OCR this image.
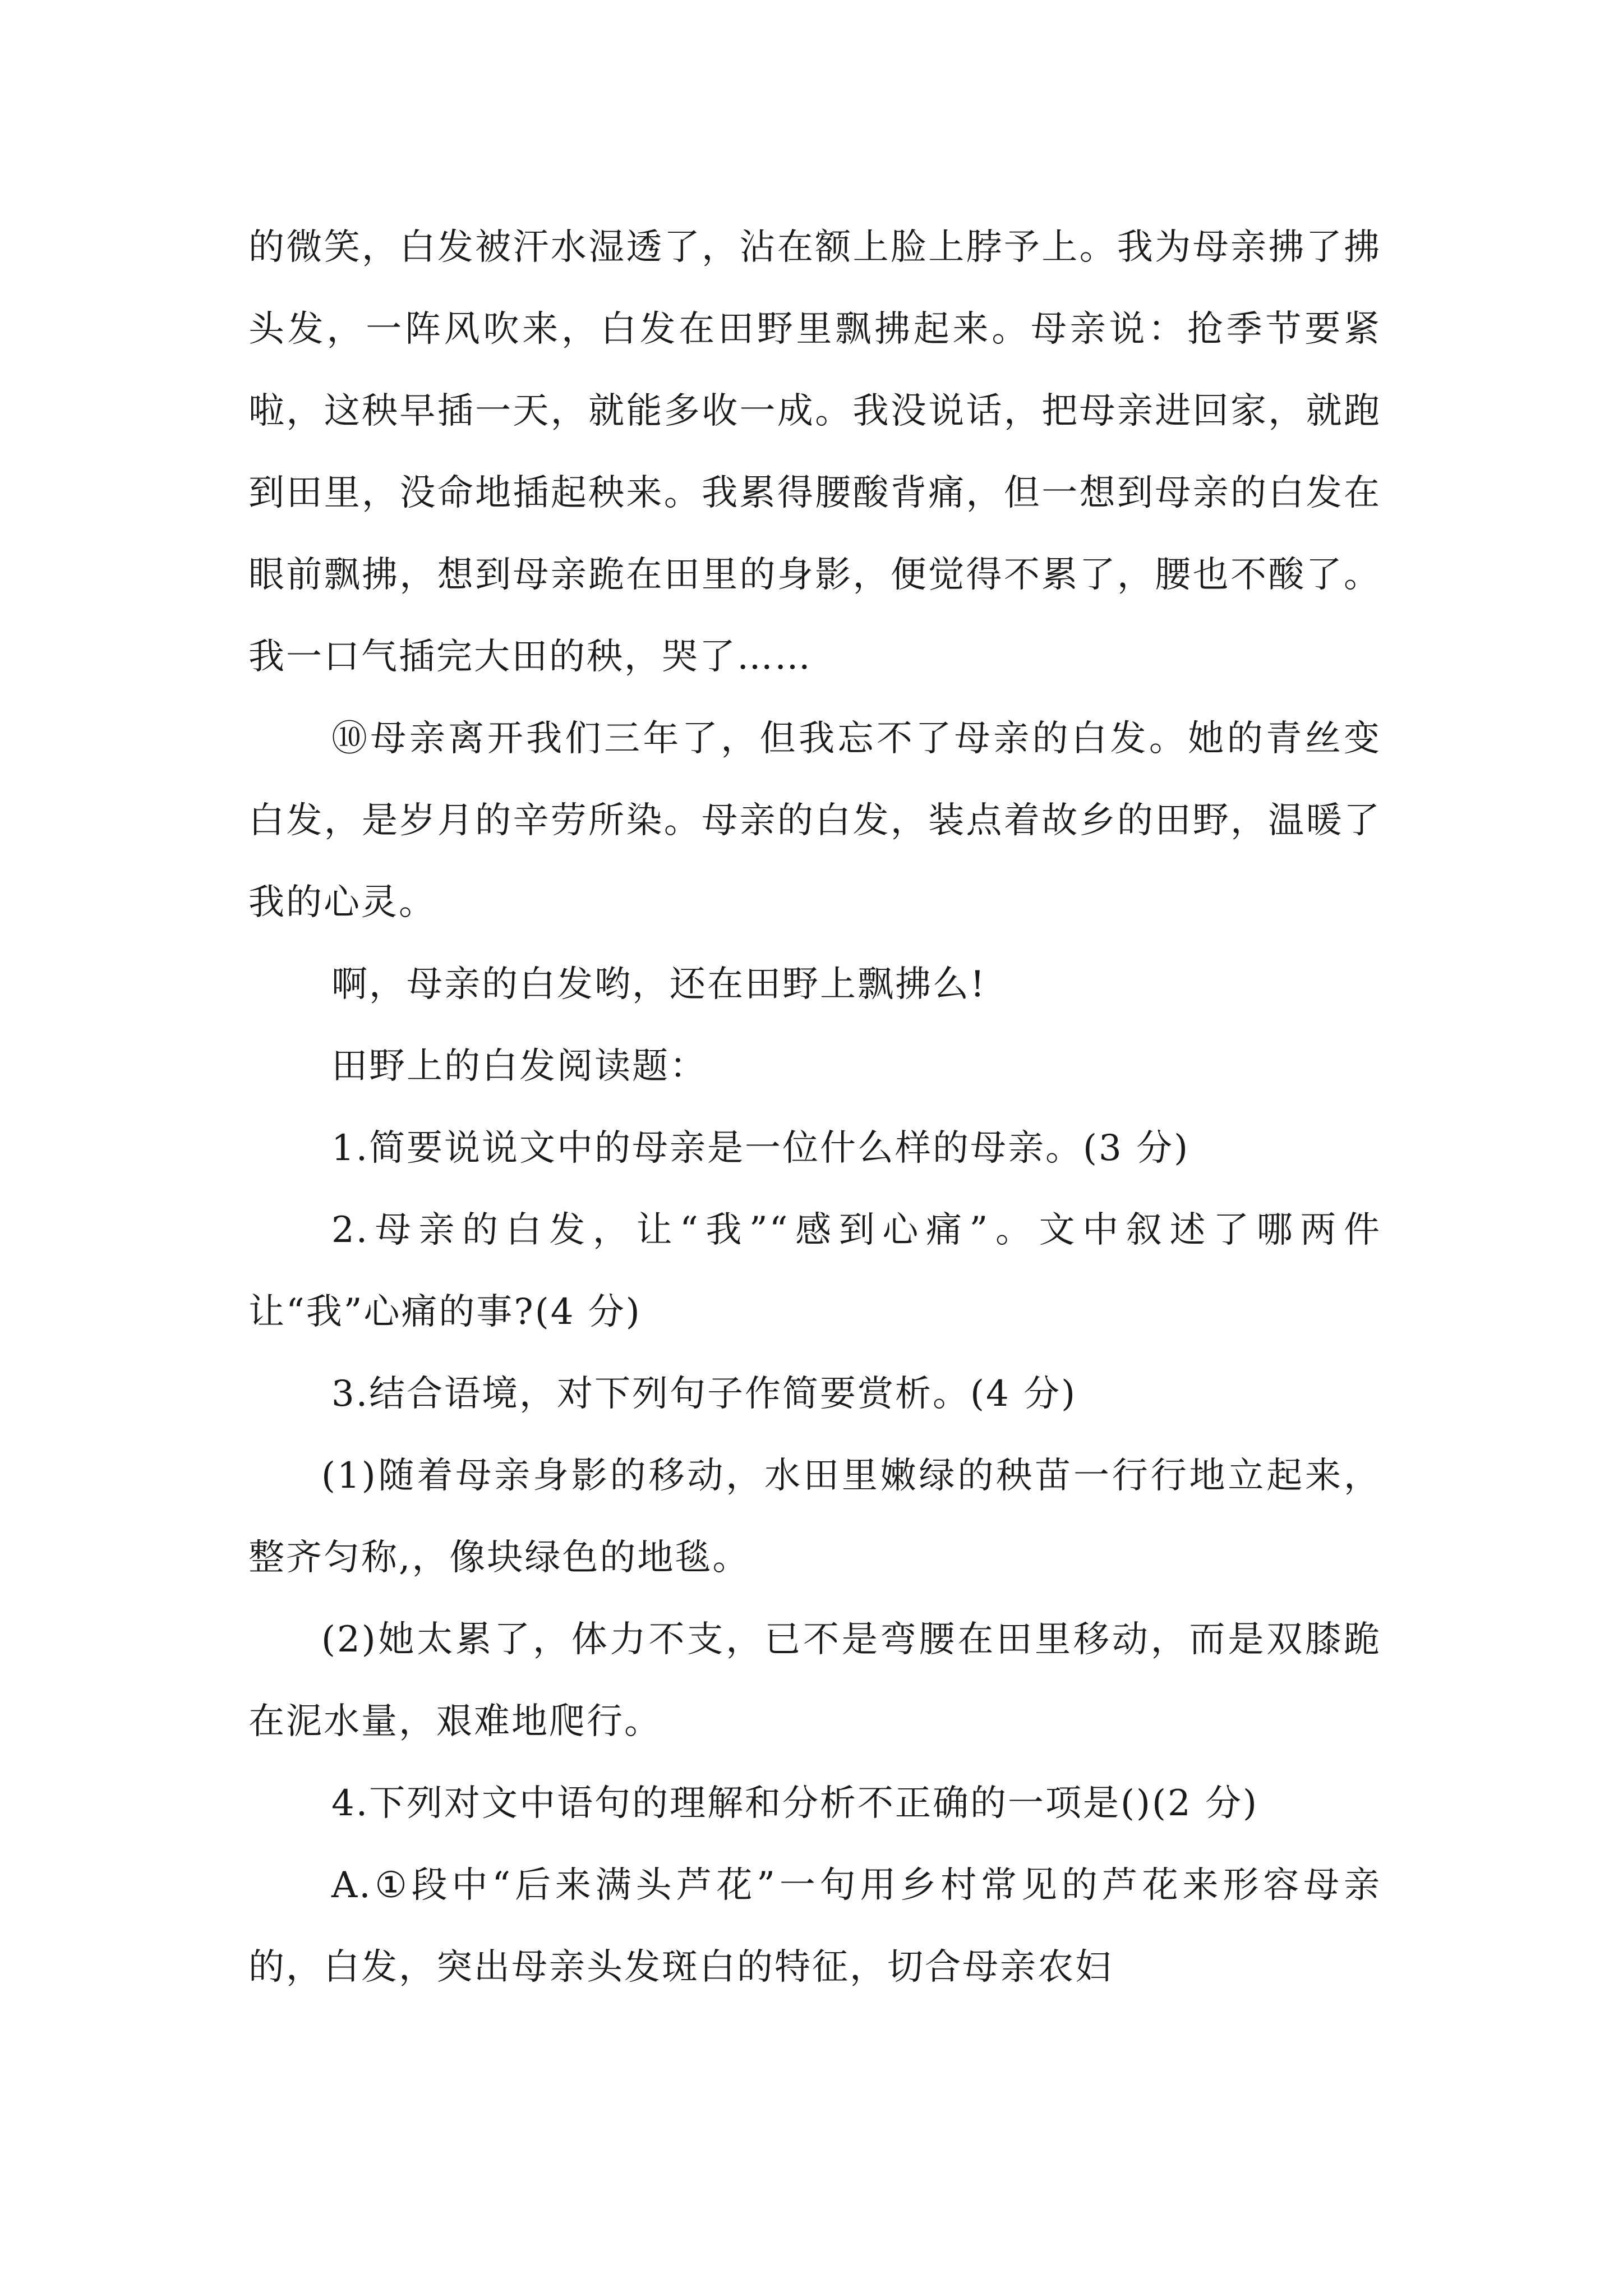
的微笑，白发被汗水湿透了，沾在额上脸上脖予上。我为母亲拂了拂头发，一阵风吹来，白发在田野里飘拂起来。母亲说：抢季节要紧啦，这秧早插一天，就能多收一成。我没说话，把母亲进回家，就跑到田里，没命地插起秧来。我累得腰酸背痛，但一想到母亲的白发在眼前飘拂，想到母亲跪在田里的身影，便觉得不累了，腰也不酸了。我一口气插完大田的秧，哭了……

⑩母亲离开我们三年了，但我忘不了母亲的白发。她的青丝变白发，是岁月的辛劳所染。母亲的白发，装点着故乡的田野，温暖了我的心灵。

啊，母亲的白发哟，还在田野上飘拂么!

田野上的白发阅读题：

1.简要说说文中的母亲是一位什么样的母亲。(3 分)

2.母亲的白发，让“我”“感到心痛”。文中叙述了哪两件让“我”心痛的事?(4 分)

3.结合语境，对下列句子作简要赏析。(4 分)

(1)随着母亲身影的移动，水田里嫩绿的秧苗一行行地立起来，整齐匀称,，像块绿色的地毯。

(2)她太累了，体力不支，已不是弯腰在田里移动，而是双膝跪在泥水量，艰难地爬行。

4.下列对文中语句的理解和分析不正确的一项是()(2 分)

A.①段中“后来满头芦花”一句用乡村常见的芦花来形容母亲的，白发，突出母亲头发斑白的特征，切合母亲农妇
